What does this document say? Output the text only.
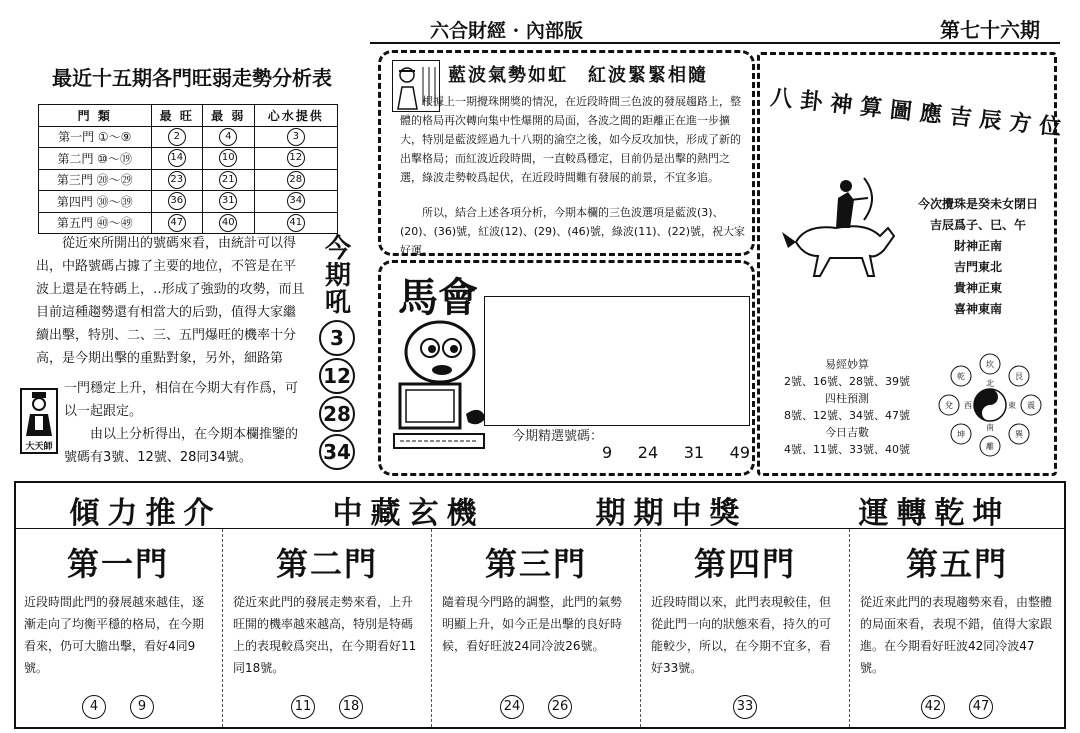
六合財經 · 內部版	第七十六期
最近十五期各門旺弱走勢分析表
門 類	最 旺	最 弱	心水提供
第一門 ①～⑨	2	4	3
第二門 ⑩～⑲	14	10	12
第三門 ⑳～㉙	23	21	28
第四門 ㉚～㊴	36	31	34
第五門 ㊵～㊾	47	40	41
從近來所開出的號碼來看，由統計可以得出，中路號碼占據了主要的地位，不管是在平波上還是在特碼上，‥形成了強勁的攻勢，而且目前這種趨勢還有相當大的后勁，值得大家繼續出擊，特別、二、三、五門爆旺的機率十分高，是今期出擊的重點對象，另外，細路第
一門穩定上升，相信在今期大有作爲，可以一起跟定。
由以上分析得出，在今期本欄推鑒的號碼有3號、12號、28同34號。
大天師
今期吼
3
12
28
34
藍波氣勢如虹　紅波緊緊相隨
根據上一期攪珠開獎的情況，在近段時間三色波的發展趨路上，整體的格局再次轉向集中性爆開的局面，各波之間的距離正在進一步擴大，特別是藍波經過九十八期的淪空之後，如今反攻加快，形成了新的出擊格局；而紅波近段時間，一直較爲穩定，目前仍是出擊的熱門之選，綠波走勢較爲起伏，在近段時間難有發展的前景，不宜多追。
所以，結合上述各項分析，今期本欄的三色波選項是藍波(3)、(20)、(36)號，紅波(12)、(29)、(46)號，綠波(11)、(22)號，祝大家好運。
馬會
今期精選號碼：
9 24 31 49
八卦神算圖應吉辰方位
今次攪珠是癸未女閉日
吉辰爲子、巳、午
財神正南
吉門東北
貴神正東
喜神東南
易經妙算
2號、16號、28號、39號
四柱預測
8號、12號、34號、47號
今日吉數
4號、11號、33號、40號
坎
艮
震
巽
離
坤
兌
乾
北
東
南
西
傾力推介	中藏玄機	期期中獎	運轉乾坤
第一門
近段時間此門的發展越來越佳，逐漸走向了均衡平穩的格局，在今期看來，仍可大膽出擊，看好4同9號。
4	9
第二門
從近來此門的發展走勢來看，上升旺開的機率越來越高，特別是特碼上的表現較爲突出，在今期看好11同18號。
11 18
第三門
隨着現今門路的調整，此門的氣勢明顯上升，如今正是出擊的良好時候，看好旺波24同冷波26號。
24 26
第四門
近段時間以來，此門表現較佳，但從此門一向的狀態來看，持久的可能較少，所以，在今期不宜多，看好33號。
33
第五門
從近來此門的表現趨勢來看，由整體的局面來看，表現不錯，值得大家跟進。在今期看好旺波42同冷波47號。
42 47
